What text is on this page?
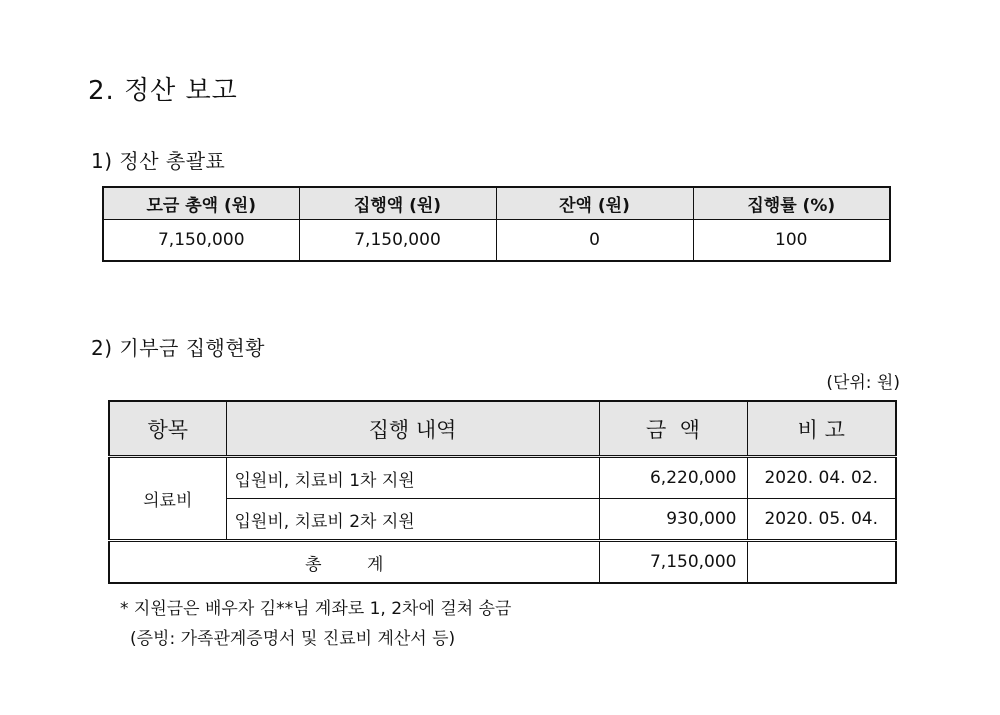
2. 정산 보고
1) 정산 총괄표
모금 총액 (원)	집행액 (원)	잔액 (원)	집행률 (%)
7,150,000	7,150,000	0	100
2) 기부금 집행현황
(단위: 원)
항목	집행 내역	금  액	비 고
의료비	입원비, 치료비 1차 지원	6,220,000	2020. 04. 02.
	입원비, 치료비 2차 지원	930,000	2020. 05. 04.
총 계		7,150,000	
* 지원금은 배우자 김**님 계좌로 1, 2차에 걸쳐 송금
(증빙: 가족관계증명서 및 진료비 계산서 등)
